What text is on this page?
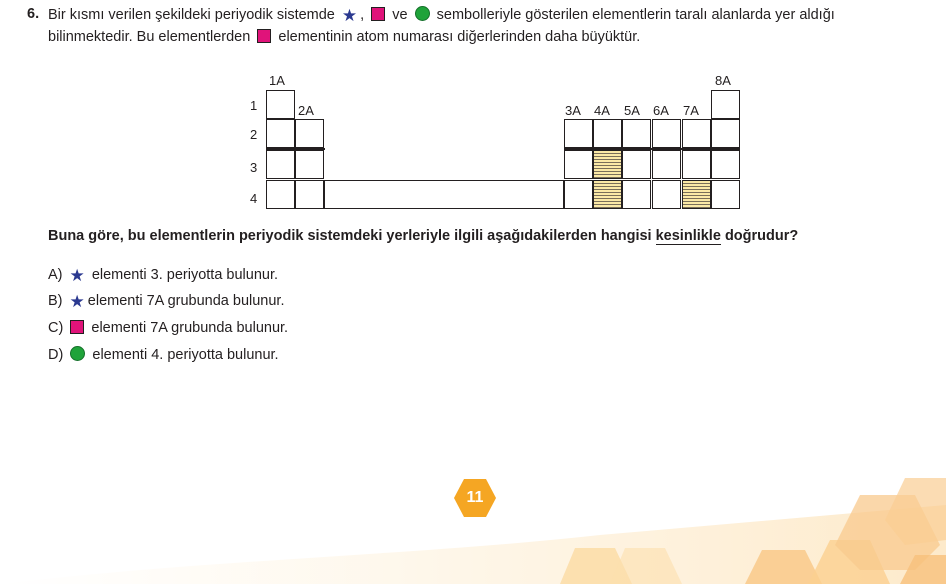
6. Bir kısmı verilen şekildeki periyodik sistemde ★ , ve sembolleriyle gösterilen elementlerin taralı alanlarda yer aldığı
bilinmektedir. Bu elementlerden elementinin atom numarası diğerlerinden daha büyüktür.
1A
2A	3A 4A 5A 6A 7A
8A
1
2
3
4
Buna göre, bu elementlerin periyodik sistemdeki yerleriyle ilgili aşağıdakilerden hangisi kesinlikle doğrudur?
A) ★ elementi 3. periyotta bulunur.
B) ★ elementi 7A grubunda bulunur.
C) elementi 7A grubunda bulunur.
D) elementi 4. periyotta bulunur.
11
